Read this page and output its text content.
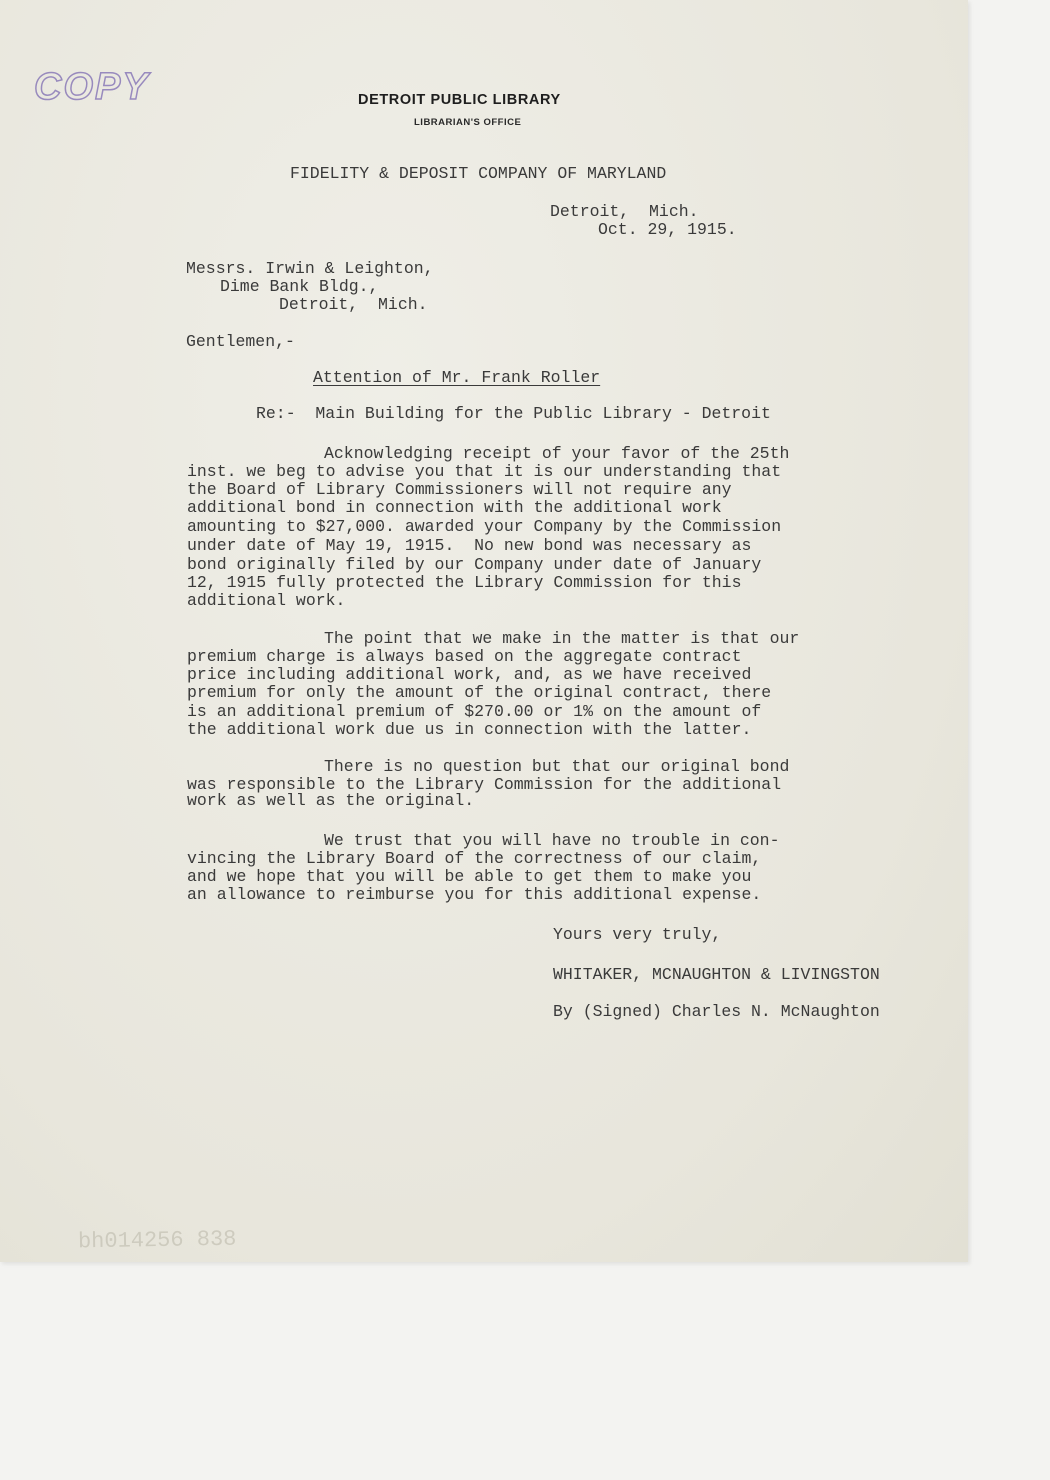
COPY	DETROIT PUBLIC LIBRARY
LIBRARIAN'S OFFICE
FIDELITY & DEPOSIT COMPANY OF MARYLAND
Detroit,  Mich.
Oct. 29, 1915.
Messrs. Irwin & Leighton,
Dime Bank Bldg.,
Detroit,  Mich.
Gentlemen,-
Attention of Mr. Frank Roller
Re:-  Main Building for the Public Library - Detroit
Acknowledging receipt of your favor of the 25th
inst. we beg to advise you that it is our understanding that
the Board of Library Commissioners will not require any
additional bond in connection with the additional work
amounting to $27,000. awarded your Company by the Commission
under date of May 19, 1915.  No new bond was necessary as
bond originally filed by our Company under date of January
12, 1915 fully protected the Library Commission for this
additional work.
The point that we make in the matter is that our
premium charge is always based on the aggregate contract
price including additional work, and, as we have received
premium for only the amount of the original contract, there
is an additional premium of $270.00 or 1% on the amount of
the additional work due us in connection with the latter.
There is no question but that our original bond
was responsible to the Library Commission for the additional
work as well as the original.
We trust that you will have no trouble in con-
vincing the Library Board of the correctness of our claim,
and we hope that you will be able to get them to make you
an allowance to reimburse you for this additional expense.
Yours very truly,
WHITAKER, MCNAUGHTON & LIVINGSTON
By (Signed) Charles N. McNaughton
bh014256 838
